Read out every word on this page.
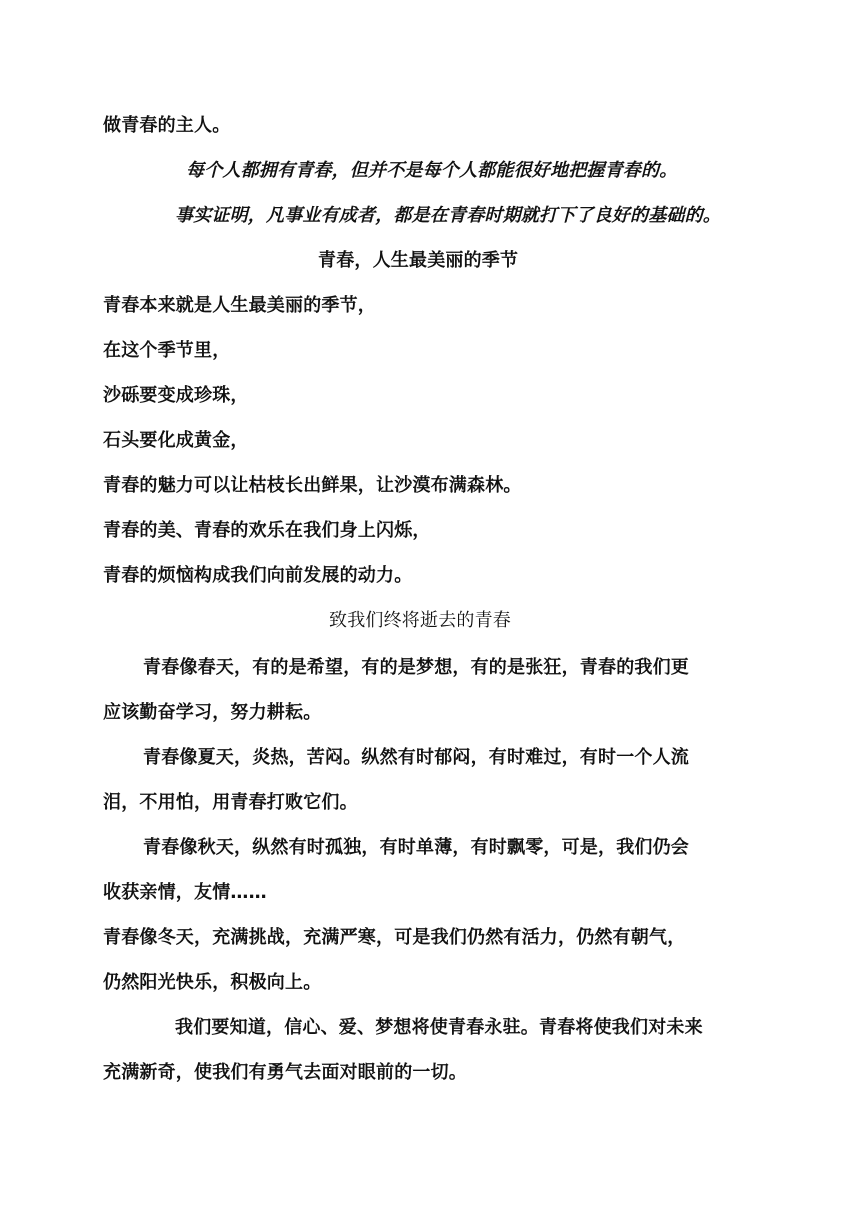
做青春的主人。
每个人都拥有青春，但并不是每个人都能很好地把握青春的。
事实证明，凡事业有成者，都是在青春时期就打下了良好的基础的。
青春，人生最美丽的季节
青春本来就是人生最美丽的季节，
在这个季节里，
沙砾要变成珍珠，
石头要化成黄金，
青春的魅力可以让枯枝长出鲜果，让沙漠布满森林。
青春的美、青春的欢乐在我们身上闪烁，
青春的烦恼构成我们向前发展的动力。
致我们终将逝去的青春
青春像春天，有的是希望，有的是梦想，有的是张狂，青春的我们更
应该勤奋学习，努力耕耘。
青春像夏天，炎热，苦闷。纵然有时郁闷，有时难过，有时一个人流
泪，不用怕，用青春打败它们。
青春像秋天，纵然有时孤独，有时单薄，有时飘零，可是，我们仍会
收获亲情，友情……
青春像冬天，充满挑战，充满严寒，可是我们仍然有活力，仍然有朝气，
仍然阳光快乐，积极向上。
我们要知道，信心、爱、梦想将使青春永驻。青春将使我们对未来
充满新奇，使我们有勇气去面对眼前的一切。
